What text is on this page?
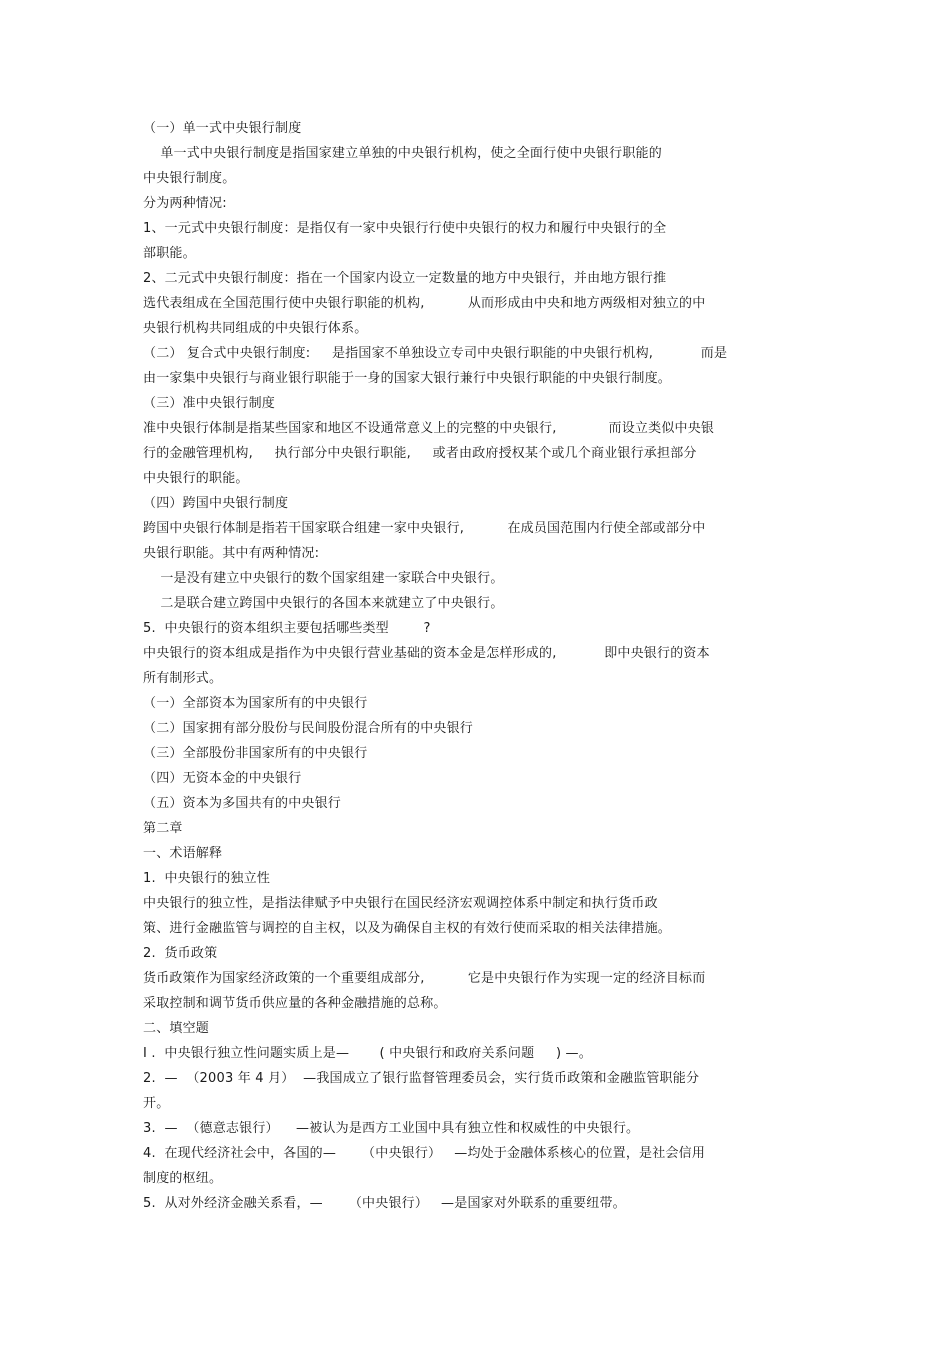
（一）单一式中央银行制度
单一式中央银行制度是指国家建立单独的中央银行机构，使之全面行使中央银行职能的
中央银行制度。
分为两种情况:
1、一元式中央银行制度：是指仅有一家中央银行行使中央银行的权力和履行中央银行的全
部职能。
2、二元式中央银行制度：指在一个国家内设立一定数量的地方中央银行，并由地方银行推
选代表组成在全国范围行使中央银行职能的机构,          从而形成由中央和地方两级相对独立的中
央银行机构共同组成的中央银行体系。
（二） 复合式中央银行制度:     是指国家不单独设立专司中央银行职能的中央银行机构,           而是
由一家集中央银行与商业银行职能于一身的国家大银行兼行中央银行职能的中央银行制度。
（三）准中央银行制度
准中央银行体制是指某些国家和地区不设通常意义上的完整的中央银行,            而设立类似中央银
行的金融管理机构,     执行部分中央银行职能,     或者由政府授权某个或几个商业银行承担部分
中央银行的职能。
（四）跨国中央银行制度
跨国中央银行体制是指若干国家联合组建一家中央银行,          在成员国范围内行使全部或部分中
央银行职能。其中有两种情况:
一是没有建立中央银行的数个国家组建一家联合中央银行。
二是联合建立跨国中央银行的各国本来就建立了中央银行。
5.  中央银行的资本组织主要包括哪些类型        ?
中央银行的资本组成是指作为中央银行营业基础的资本金是怎样形成的,           即中央银行的资本
所有制形式。
（一）全部资本为国家所有的中央银行
（二）国家拥有部分股份与民间股份混合所有的中央银行
（三）全部股份非国家所有的中央银行
（四）无资本金的中央银行
（五）资本为多国共有的中央银行
第二章
一、术语解释
1.  中央银行的独立性
中央银行的独立性，是指法律赋予中央银行在国民经济宏观调控体系中制定和执行货币政
策、进行金融监管与调控的自主权，以及为确保自主权的有效行使而采取的相关法律措施。
2.  货币政策
货币政策作为国家经济政策的一个重要组成部分,          它是中央银行作为实现一定的经济目标而
采取控制和调节货币供应量的各种金融措施的总称。
二、填空题
I .  中央银行独立性问题实质上是—       ( 中央银行和政府关系问题     ) —。
2.  —  （2003 年 4 月）  —我国成立了银行监督管理委员会，实行货币政策和金融监管职能分
开。
3.  —  （德意志银行）    —被认为是西方工业国中具有独立性和权威性的中央银行。
4.  在现代经济社会中，各国的—      （中央银行）   —均处于金融体系核心的位置，是社会信用
制度的枢纽。
5.  从对外经济金融关系看，—      （中央银行）   —是国家对外联系的重要纽带。
